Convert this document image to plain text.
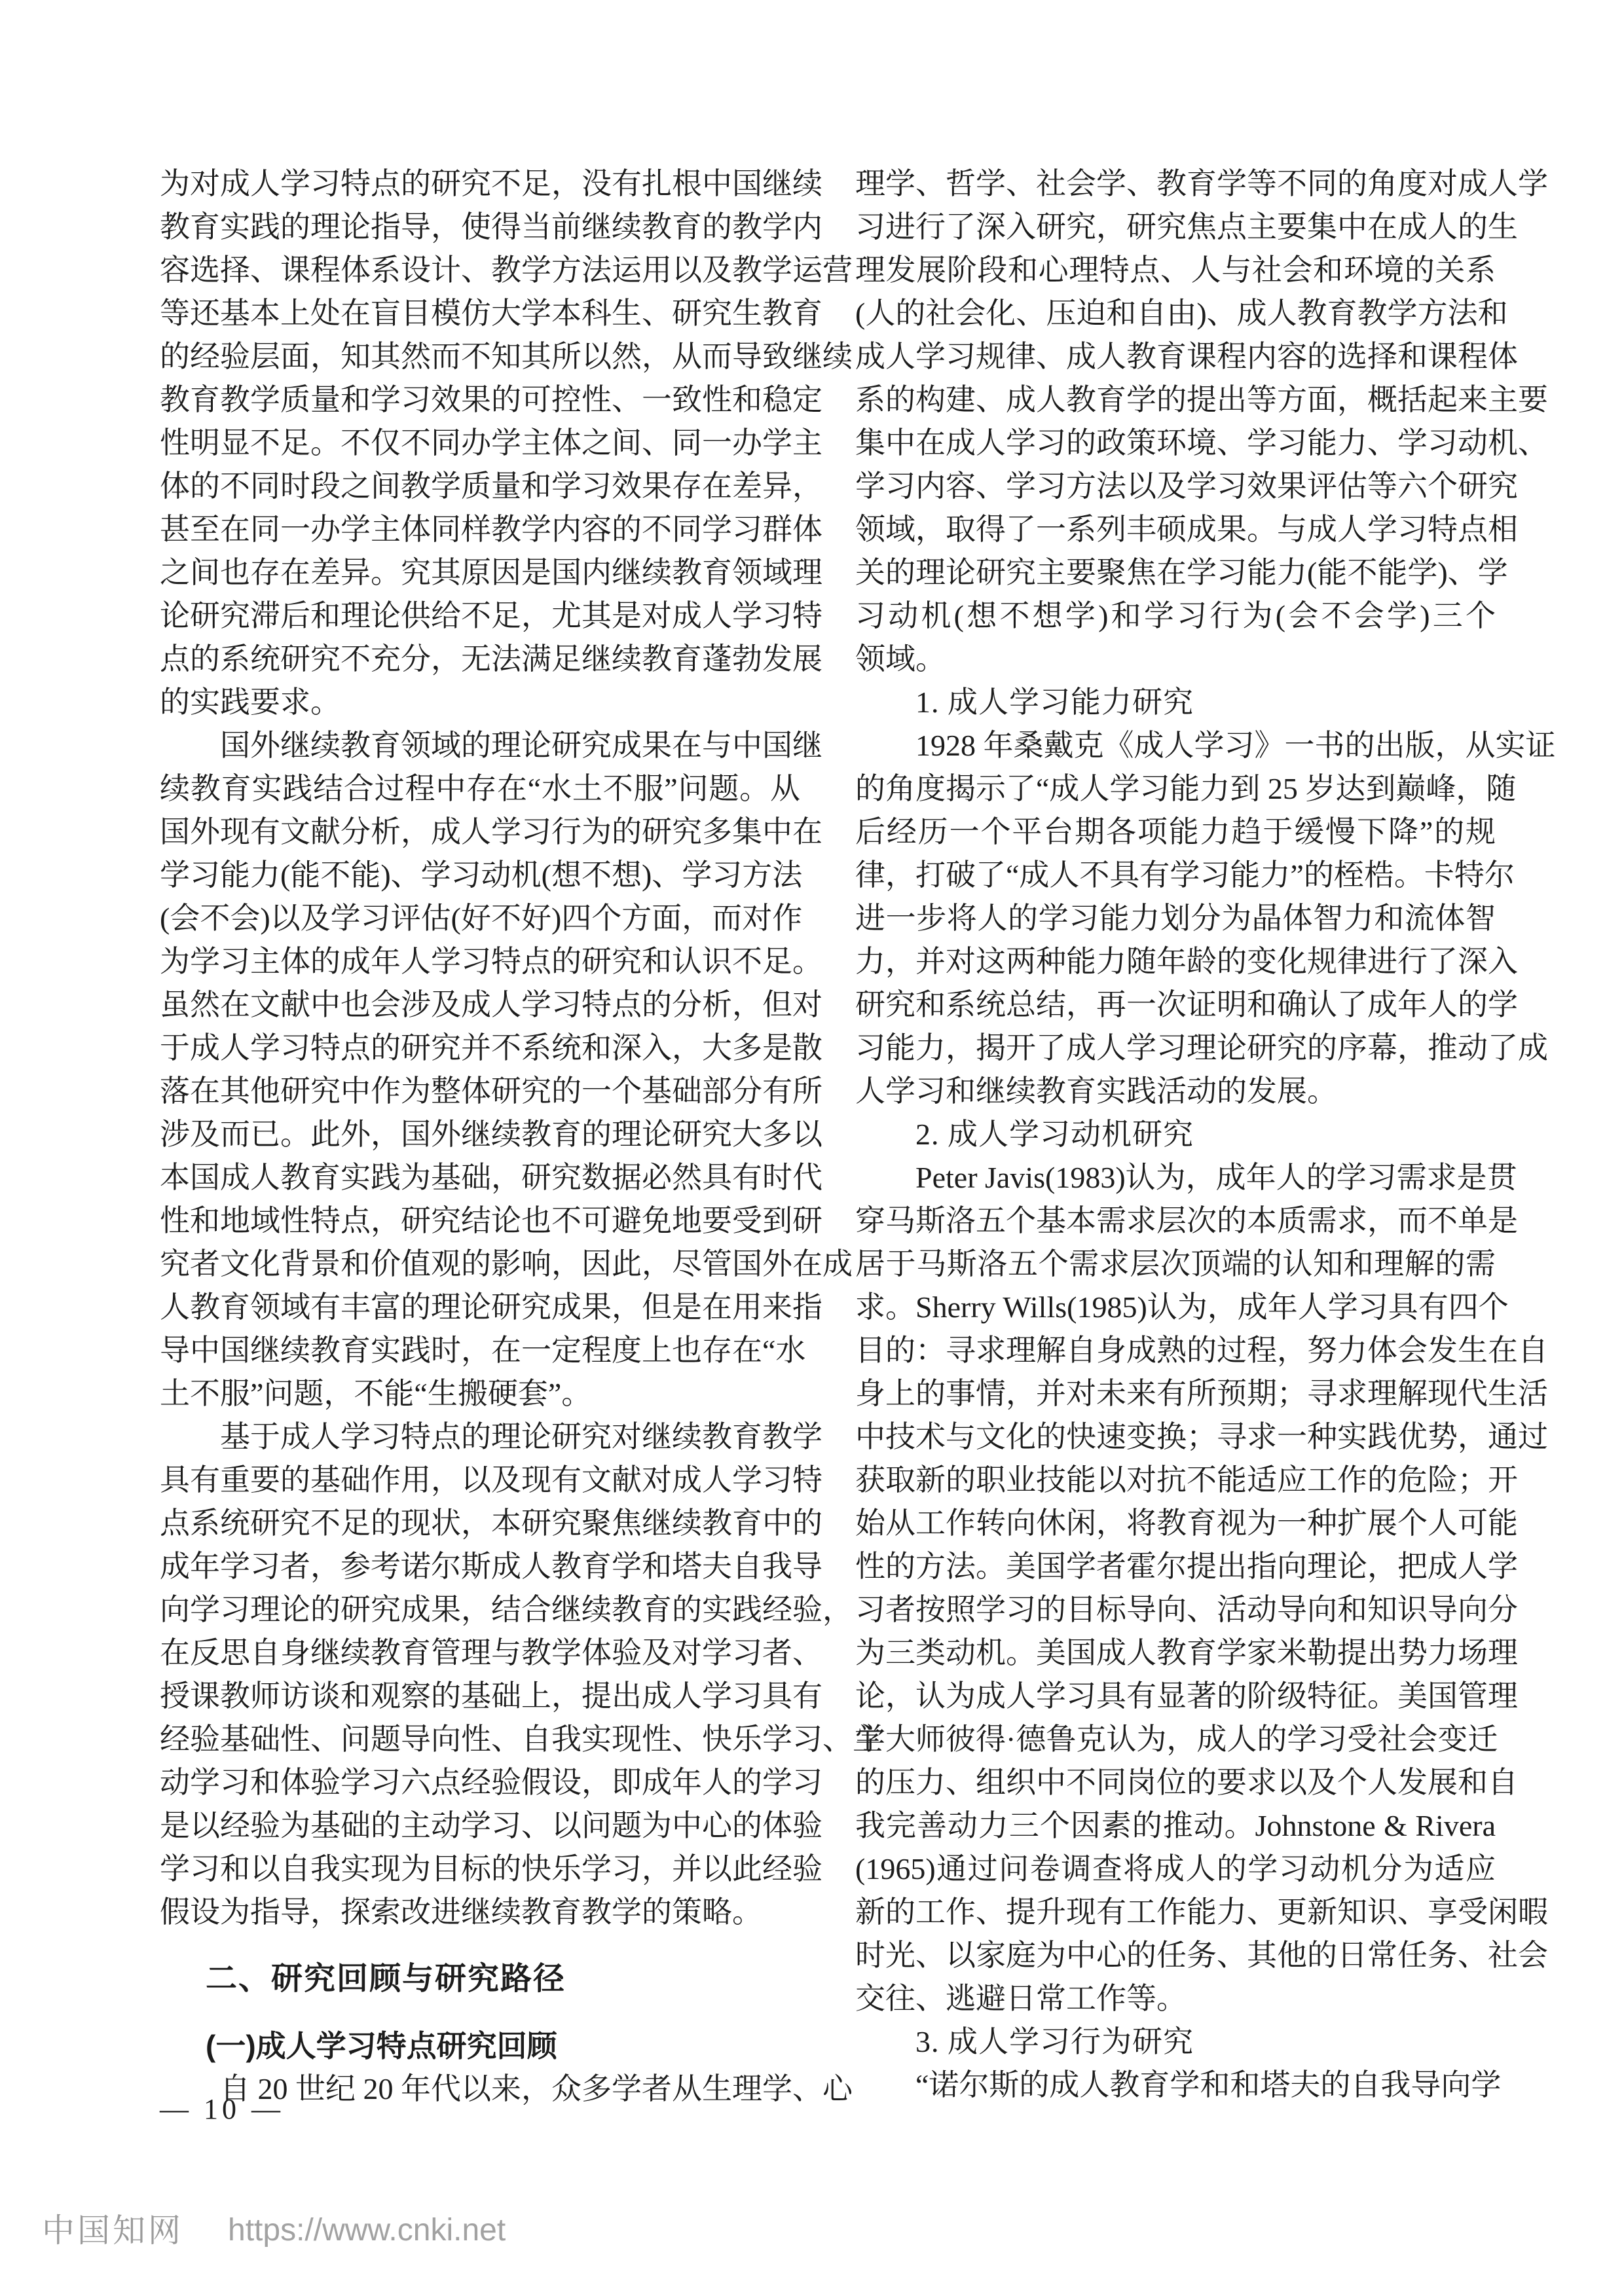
为对成人学习特点的研究不足，没有扎根中国继续
教育实践的理论指导，使得当前继续教育的教学内
容选择、课程体系设计、教学方法运用以及教学运营
等还基本上处在盲目模仿大学本科生、研究生教育
的经验层面，知其然而不知其所以然，从而导致继续
教育教学质量和学习效果的可控性、一致性和稳定
性明显不足。不仅不同办学主体之间、同一办学主
体的不同时段之间教学质量和学习效果存在差异，
甚至在同一办学主体同样教学内容的不同学习群体
之间也存在差异。究其原因是国内继续教育领域理
论研究滞后和理论供给不足，尤其是对成人学习特
点的系统研究不充分，无法满足继续教育蓬勃发展
的实践要求。
国外继续教育领域的理论研究成果在与中国继
续教育实践结合过程中存在“水土不服”问题。从
国外现有文献分析，成人学习行为的研究多集中在
学习能力(能不能)、学习动机(想不想)、学习方法
(会不会)以及学习评估(好不好)四个方面，而对作
为学习主体的成年人学习特点的研究和认识不足。
虽然在文献中也会涉及成人学习特点的分析，但对
于成人学习特点的研究并不系统和深入，大多是散
落在其他研究中作为整体研究的一个基础部分有所
涉及而已。此外，国外继续教育的理论研究大多以
本国成人教育实践为基础，研究数据必然具有时代
性和地域性特点，研究结论也不可避免地要受到研
究者文化背景和价值观的影响，因此，尽管国外在成
人教育领域有丰富的理论研究成果，但是在用来指
导中国继续教育实践时，在一定程度上也存在“水
土不服”问题，不能“生搬硬套”。
基于成人学习特点的理论研究对继续教育教学
具有重要的基础作用，以及现有文献对成人学习特
点系统研究不足的现状，本研究聚焦继续教育中的
成年学习者，参考诺尔斯成人教育学和塔夫自我导
向学习理论的研究成果，结合继续教育的实践经验，
在反思自身继续教育管理与教学体验及对学习者、
授课教师访谈和观察的基础上，提出成人学习具有
经验基础性、问题导向性、自我实现性、快乐学习、主
动学习和体验学习六点经验假设，即成年人的学习
是以经验为基础的主动学习、以问题为中心的体验
学习和以自我实现为目标的快乐学习，并以此经验
假设为指导，探索改进继续教育教学的策略。
二、研究回顾与研究路径
(一)成人学习特点研究回顾
自 20 世纪 20 年代以来，众多学者从生理学、心
理学、哲学、社会学、教育学等不同的角度对成人学
习进行了深入研究，研究焦点主要集中在成人的生
理发展阶段和心理特点、人与社会和环境的关系
(人的社会化、压迫和自由)、成人教育教学方法和
成人学习规律、成人教育课程内容的选择和课程体
系的构建、成人教育学的提出等方面，概括起来主要
集中在成人学习的政策环境、学习能力、学习动机、
学习内容、学习方法以及学习效果评估等六个研究
领域，取得了一系列丰硕成果。与成人学习特点相
关的理论研究主要聚焦在学习能力(能不能学)、学
习动机(想不想学)和学习行为(会不会学)三个
领域。
1. 成人学习能力研究
1928 年桑戴克《成人学习》一书的出版，从实证
的角度揭示了“成人学习能力到 25 岁达到巅峰，随
后经历一个平台期各项能力趋于缓慢下降”的规
律，打破了“成人不具有学习能力”的桎梏。卡特尔
进一步将人的学习能力划分为晶体智力和流体智
力，并对这两种能力随年龄的变化规律进行了深入
研究和系统总结，再一次证明和确认了成年人的学
习能力，揭开了成人学习理论研究的序幕，推动了成
人学习和继续教育实践活动的发展。
2. 成人学习动机研究
Peter Javis(1983)认为，成年人的学习需求是贯
穿马斯洛五个基本需求层次的本质需求，而不单是
居于马斯洛五个需求层次顶端的认知和理解的需
求。Sherry Wills(1985)认为，成年人学习具有四个
目的：寻求理解自身成熟的过程，努力体会发生在自
身上的事情，并对未来有所预期；寻求理解现代生活
中技术与文化的快速变换；寻求一种实践优势，通过
获取新的职业技能以对抗不能适应工作的危险；开
始从工作转向休闲，将教育视为一种扩展个人可能
性的方法。美国学者霍尔提出指向理论，把成人学
习者按照学习的目标导向、活动导向和知识导向分
为三类动机。美国成人教育学家米勒提出势力场理
论，认为成人学习具有显著的阶级特征。美国管理
学大师彼得·德鲁克认为，成人的学习受社会变迁
的压力、组织中不同岗位的要求以及个人发展和自
我完善动力三个因素的推动。Johnstone & Rivera
(1965)通过问卷调查将成人的学习动机分为适应
新的工作、提升现有工作能力、更新知识、享受闲暇
时光、以家庭为中心的任务、其他的日常任务、社会
交往、逃避日常工作等。
3. 成人学习行为研究
“诺尔斯的成人教育学和和塔夫的自我导向学
— 10 —
中国知网 https://www.cnki.net
